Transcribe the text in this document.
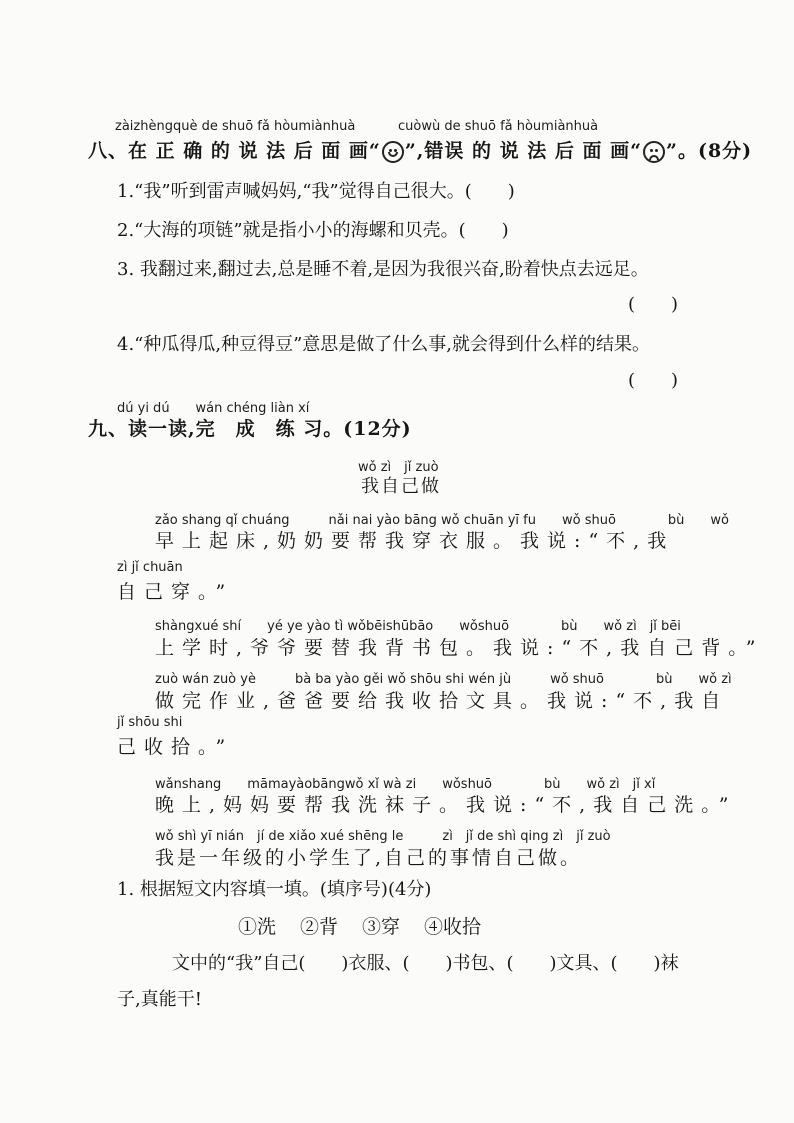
zàizhèngquè de shuō fǎ hòumiànhuà	cuòwù de shuō fǎ hòumiànhuà
八、在 正 确 的 说 法 后 面 画“ ”,错误 的 说 法 后 面 画“ ”。(8分)
1.“我”听到雷声喊妈妈,“我”觉得自己很大。(　　)
2.“大海的项链”就是指小小的海螺和贝壳。(　　)
3. 我翻过来,翻过去,总是睡不着,是因为我很兴奋,盼着快点去远足。
(　　)
4.“种瓜得瓜,种豆得豆”意思是做了什么事,就会得到什么样的结果。
(　　)
dú yi dú　　wán chéng liàn xí
九、读一读,完　成　练 习。(12分)
wǒ zì　jǐ zuò
我自己做
zǎo shang qǐ chuáng　　　nǎi nai yào bāng wǒ chuān yī fu　　wǒ shuō　　　　bù　　wǒ
早上起床,奶奶要帮我穿衣服。我说:“不,我
zì jǐ chuān
自己穿。”
shàngxué shí　　yé ye yào tì wǒbēishūbāo　　wǒshuō　　　　bù　　wǒ zì　jǐ bēi
上学时,爷爷要替我背书包。我说:“不,我自己背。”
zuò wán zuò yè　　　bà ba yào gěi wǒ shōu shi wén jù　　　wǒ shuō　　　　bù　　wǒ zì
做完作业,爸爸要给我收拾文具。我说:“不,我自
jǐ shōu shi
己收拾。”
wǎnshang　　māmayàobāngwǒ xǐ wà zi　　wǒshuō　　　　bù　　wǒ zì　jǐ xǐ
晚上,妈妈要帮我洗袜子。我说:“不,我自己洗。”
wǒ shì yī nián　jí de xiǎo xué shēng le　　　zì　jǐ de shì qing zì　jǐ zuò
我是一年级的小学生了,自己的事情自己做。
1. 根据短文内容填一填。(填序号)(4分)
①洗 ②背 ③穿 ④收拾
文中的“我”自己(　　)衣服、(　　)书包、(　　)文具、(　　)袜
子,真能干!
